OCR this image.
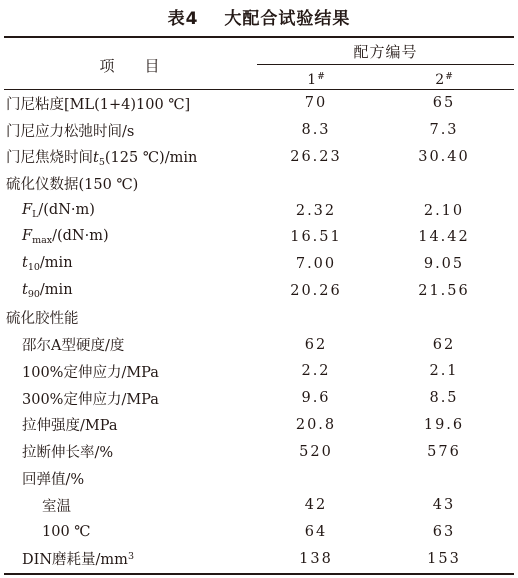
表4 大配合试验结果
项 目
配方编号
1#	2#
门尼粘度[ML(1+4)100 ℃]	70	65
门尼应力松弛时间/s	8.3	7.3
门尼焦烧时间$t_5(125$ ℃)/min	26.23	30.40
硫化仪数据(150 ℃)
$F_L/(dN\cdot m)$	2.32	2.10
$F_{max}/(dN\cdot m)$	16.51	14.42
$t_{10}/\min$	7.00	9.05
$t_{90}/\min$	20.26	21.56
硫化胶性能
邵尔A型硬度/度	62	62
100%定伸应力/MPa	2.2	2.1
300%定伸应力/MPa	9.6	8.5
拉伸强度/MPa	20.8	19.6
拉断伸长率/%	520	576
回弹值/%
室温	42	43
100 ℃	64	63
DIN磨耗量$/mm^3$	138	153
